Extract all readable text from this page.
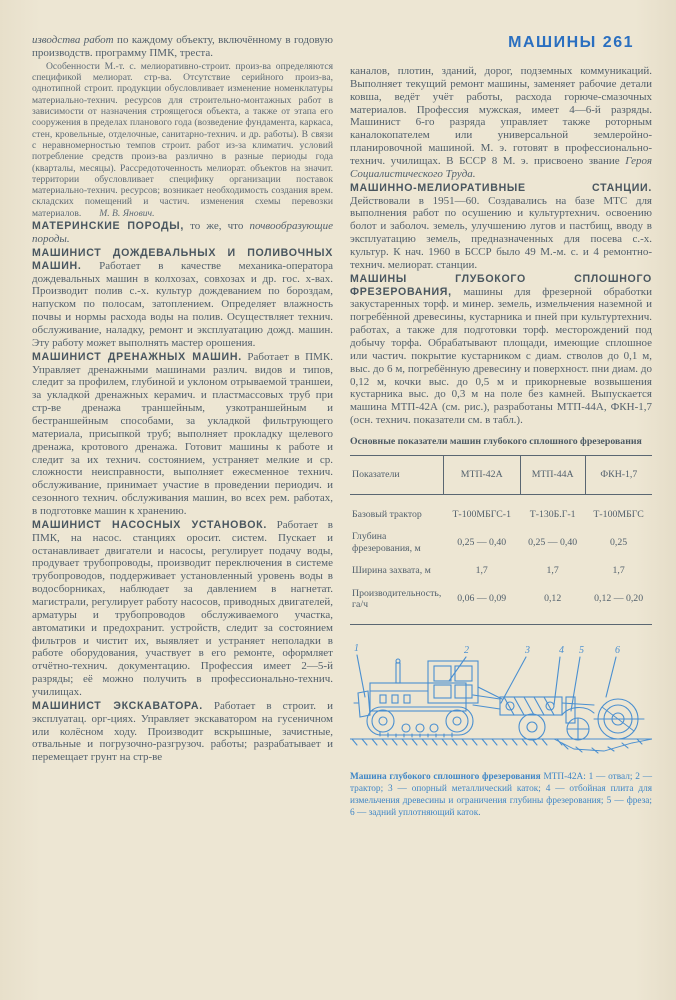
МАШИНЫ 261

изводства работ по каждому объекту, включённому в годовую производств. программу ПМК, треста.

Особенности М.-т. с. мелиоративно-строит. произ-ва определяются спецификой мелиорат. стр-ва. Отсутствие серийного произ-ва, однотипной строит. продукции обусловливает изменение номенклатуры материально-технич. ресурсов для строительно-монтажных работ в зависимости от назначения строящегося объекта, а также от этапа его сооружения в пределах планового года (возведение фундамента, каркаса, стен, кровельные, отделочные, санитарно-технич. и др. работы). В связи с неравномерностью темпов строит. работ из-за климатич. условий потребление средств произ-ва различно в разные периоды года (кварталы, месяцы). Рассредоточенность мелиорат. объектов на значит. территории обусловливает специфику организации поставок материально-технич. ресурсов; возникает необходимость создания врем. складских помещений и частич. изменения схемы перевозки материалов. М. В. Янович.

МАТЕРИНСКИЕ ПОРОДЫ, то же, что почвообразующие породы.

МАШИНИСТ ДОЖДЕВАЛЬНЫХ И ПОЛИВОЧНЫХ МАШИН. Работает в качестве механика-оператора дождевальных машин в колхозах, совхозах и др. гос. х-вах. Производит полив с.-х. культур дождеванием по бороздам, напуском по полосам, затоплением. Определяет влажность почвы и нормы расхода воды на полив. Осуществляет технич. обслуживание, наладку, ремонт и эксплуатацию дожд. машин. Эту работу может выполнять мастер орошения.

МАШИНИСТ ДРЕНАЖНЫХ МАШИН. Работает в ПМК. Управляет дренажными машинами различ. видов и типов, следит за профилем, глубиной и уклоном отрываемой траншеи, за укладкой дренажных керамич. и пластмассовых труб при стр-ве дренажа траншейным, узкотраншейным и бестраншейным способами, за укладкой фильтрующего материала, присыпкой труб; выполняет прокладку щелевого дренажа, кротового дренажа. Готовит машины к работе и следит за их технич. состоянием, устраняет мелкие и ср. сложности неисправности, выполняет ежесменное технич. обслуживание, принимает участие в проведении периодич. и сезонного технич. обслуживания машин, во всех рем. работах, в подготовке машин к хранению.

МАШИНИСТ НАСОСНЫХ УСТАНОВОК. Работает в ПМК, на насос. станциях оросит. систем. Пускает и останавливает двигатели и насосы, регулирует подачу воды, продувает трубопроводы, производит переключения в системе трубопроводов, поддерживает установленный уровень воды в водосборниках, наблюдает за давлением в нагнетат. магистрали, регулирует работу насосов, приводных двигателей, арматуры и трубопроводов обслуживаемого участка, автоматики и предохранит. устройств, следит за состоянием фильтров и чистит их, выявляет и устраняет неполадки в работе оборудования, участвует в его ремонте, оформляет отчётно-технич. документацию. Профессия имеет 2—5-й разряды; её можно получить в профессионально-технич. училищах.

МАШИНИСТ ЭКСКАВАТОРА. Работает в строит. и эксплуатац. орг-циях. Управляет экскаватором на гусеничном или колёсном ходу. Производит вскрышные, зачистные, отвальные и погрузочно-разгрузоч. работы; разрабатывает и перемещает грунт на стр-ве

каналов, плотин, зданий, дорог, подземных коммуникаций. Выполняет текущий ремонт машины, заменяет рабочие детали ковша, ведёт учёт работы, расхода горюче-смазочных материалов. Профессия мужская, имеет 4—6-й разряды. Машинист 6-го разряда управляет также роторным каналокопателем или универсальной землеройно-планировочной машиной. М. э. готовят в профессионально-технич. училищах. В БССР 8 М. э. присвоено звание Героя Социалистического Труда.

МАШИННО-МЕЛИОРАТИВНЫЕ СТАНЦИИ. Действовали в 1951—60. Создавались на базе МТС для выполнения работ по осушению и культуртехнич. освоению болот и заболоч. земель, улучшению лугов и пастбищ, вводу в эксплуатацию земель, предназначенных для посева с.-х. культур. К нач. 1960 в БССР было 49 М.-м. с. и 4 ремонтно-технич. мелиорат. станции.

МАШИНЫ ГЛУБОКОГО СПЛОШНОГО ФРЕЗЕРОВАНИЯ, машины для фрезерной обработки закустаренных торф. и минер. земель, измельчения наземной и погребённой древесины, кустарника и пней при культуртехнич. работах, а также для подготовки торф. месторождений под добычу торфа. Обрабатывают площади, имеющие сплошное или частич. покрытие кустарником с диам. стволов до 0,1 м, выс. до 6 м, погребённую древесину и поверхност. пни диам. до 0,12 м, кочки выс. до 0,5 м и прикорневые возвышения кустарника выс. до 0,3 м на поле без камней. Выпускается машина МТП-42А (см. рис.), разработаны МТП-44А, ФКН-1,7 (осн. технич. показатели см. в табл.).

Основные показатели машин глубокого сплошного фрезерования
Показатели	МТП-42А	МТП-44А	ФКН-1,7
Базовый трактор	Т-100МБГС-1	Т-130Б.Г-1	Т-100МБГС
Глубина фрезерования, м	0,25 — 0,40	0,25 — 0,40	0,25
Ширина захвата, м	1,7	1,7	1,7
Производительность, га/ч	0,06 — 0,09	0,12	0,12 — 0,20
1	2	3	4 5	6
Машина глубокого сплошного фрезерования МТП-42А: 1 — отвал; 2 — трактор; 3 — опорный металлический каток; 4 — отбойная плита для измельчения древесины и ограничения глубины фрезерования; 5 — фреза; 6 — задний уплотняющий каток.
